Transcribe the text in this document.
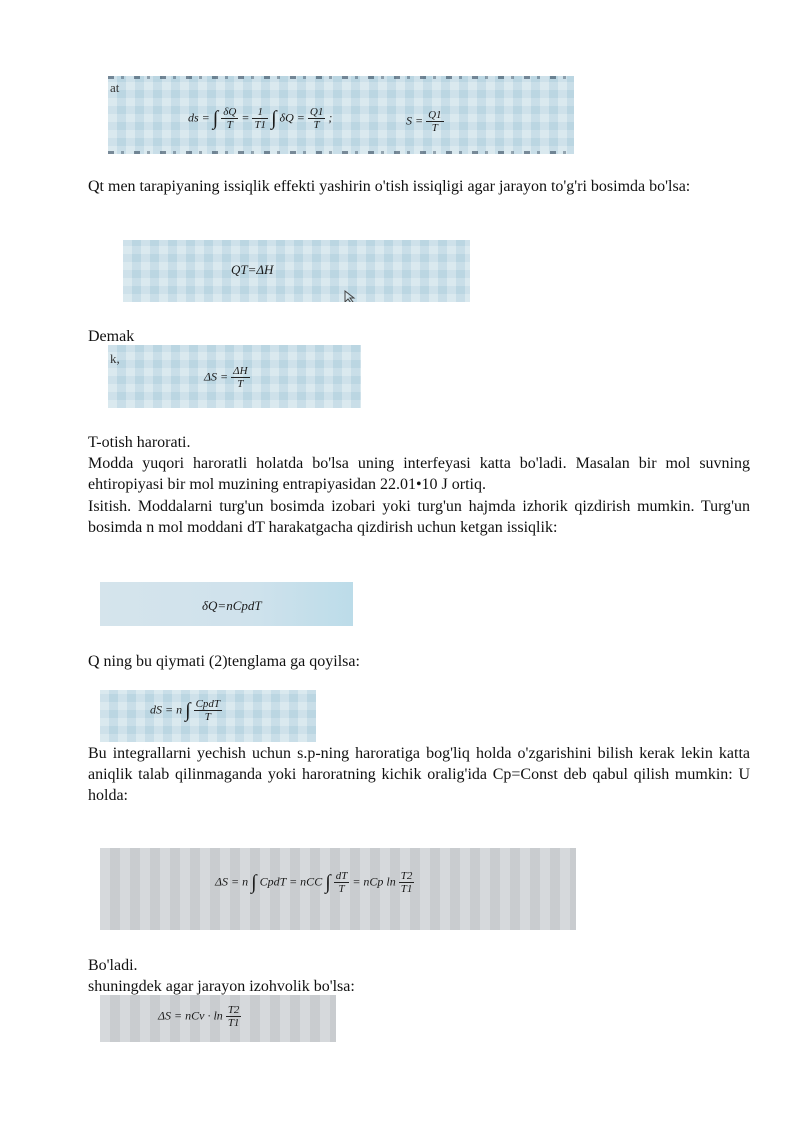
at
ds = ∫ $\frac{\delta Q}{T} = \frac{1}{T1}$ ∫ $\delta Q = \frac{Q1}{T}$ ;	$S = \frac{Q1}{T}$

Qt men tarapiyaning issiqlik effekti yashirin o'tish issiqligi agar jarayon to'g'ri bosimda bo'lsa:

QT=ΔH

Demak

k,
$\Delta S = \frac{\Delta H}{T}$

T-otish harorati.

Modda yuqori haroratli holatda bo'lsa uning interfeyasi katta bo'ladi. Masalan bir mol suvning ehtiropiyasi bir mol muzining entrapiyasidan 22.01•10 J ortiq.

Isitish. Moddalarni turg'un bosimda izobari yoki turg'un hajmda izhorik qizdirish mumkin. Turg'un bosimda n mol moddani dT harakatgacha qizdirish uchun ketgan issiqlik:

δQ=nCpdT

Q ning bu qiymati (2)tenglama ga qoyilsa:

dS = n ∫ $\frac{\text{CpdT}}{T}$

Bu integrallarni yechish uchun s.p-ning haroratiga bog'liq holda o'zgarishini bilish kerak lekin katta aniqlik talab qilinmaganda yoki haroratning kichik oralig'ida Cp=Const deb qabul qilish mumkin: U holda:

ΔS = n ∫ CpdT = nCC ∫ $\frac{dT}{T}$ = nCp $\ln \frac{T2}{T1}$

Bo'ladi.

shuningdek agar jarayon izohvolik bo'lsa:

ΔS = nCv · $\ln \frac{T2}{T1}$
